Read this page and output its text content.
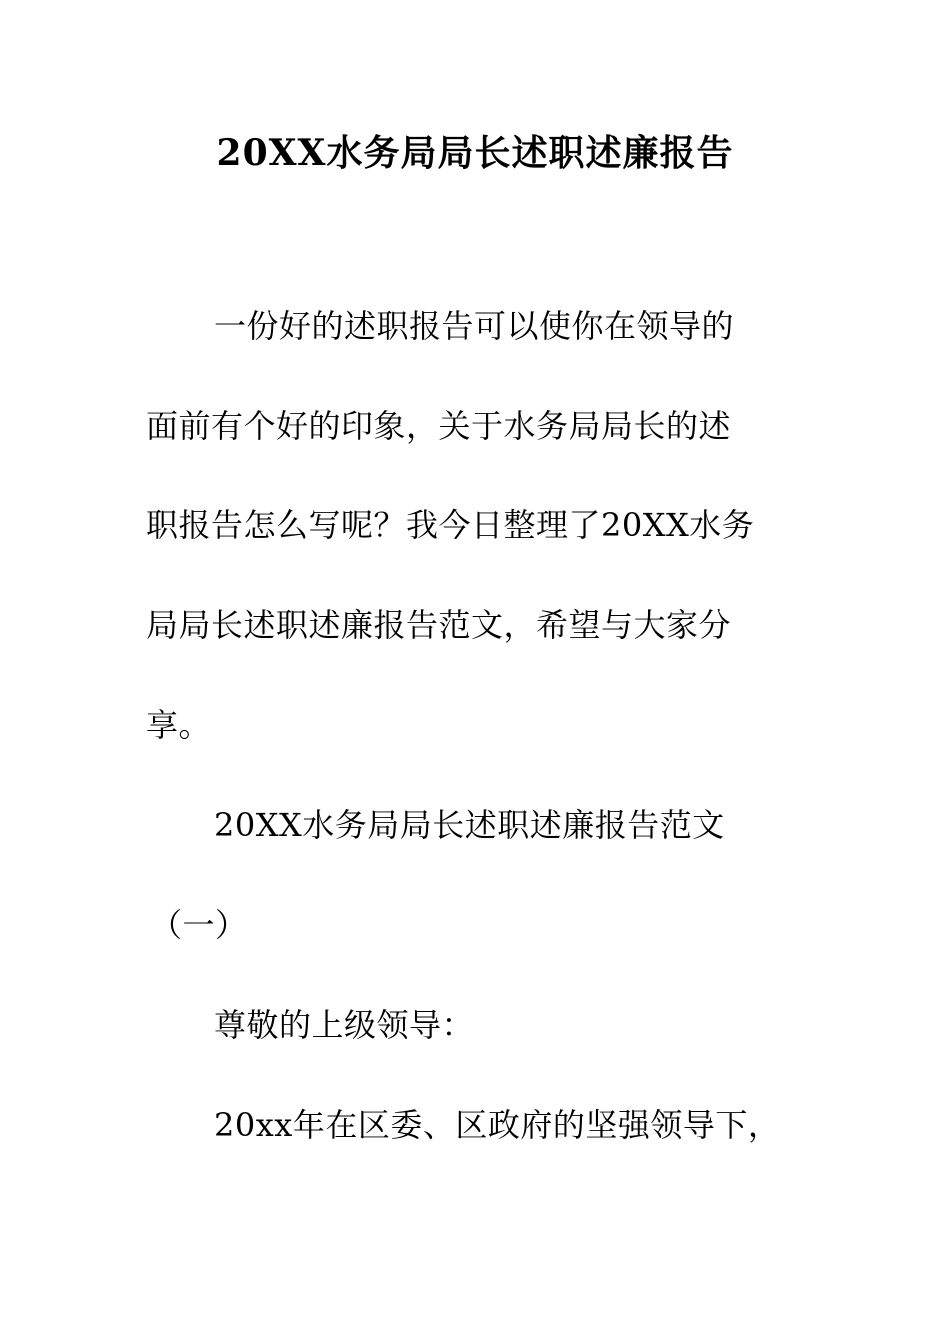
20XX水务局局长述职述廉报告
一份好的述职报告可以使你在领导的
面前有个好的印象，关于水务局局长的述
职报告怎么写呢？我今日整理了20XX水务
局局长述职述廉报告范文，希望与大家分
享。
20XX水务局局长述职述廉报告范文
（一）
尊敬的上级领导：
20xx年在区委、区政府的坚强领导下，
